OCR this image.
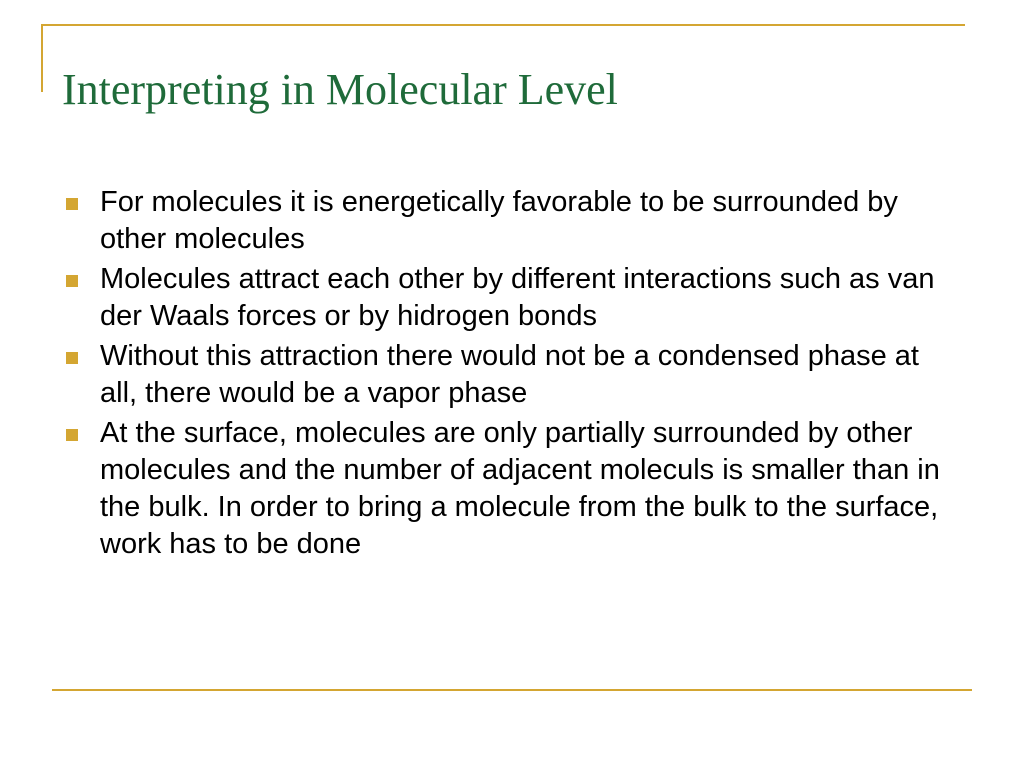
Interpreting in Molecular Level
For molecules it is energetically favorable to be surrounded by other molecules
Molecules attract each other by different interactions such as van der Waals forces or by hidrogen bonds
Without this attraction there would not be a condensed phase at all, there would be a vapor phase
At the surface, molecules are only partially surrounded by other molecules and the number of adjacent moleculs is smaller than in the bulk. In order to bring a molecule from the bulk to the surface, work has to be done
